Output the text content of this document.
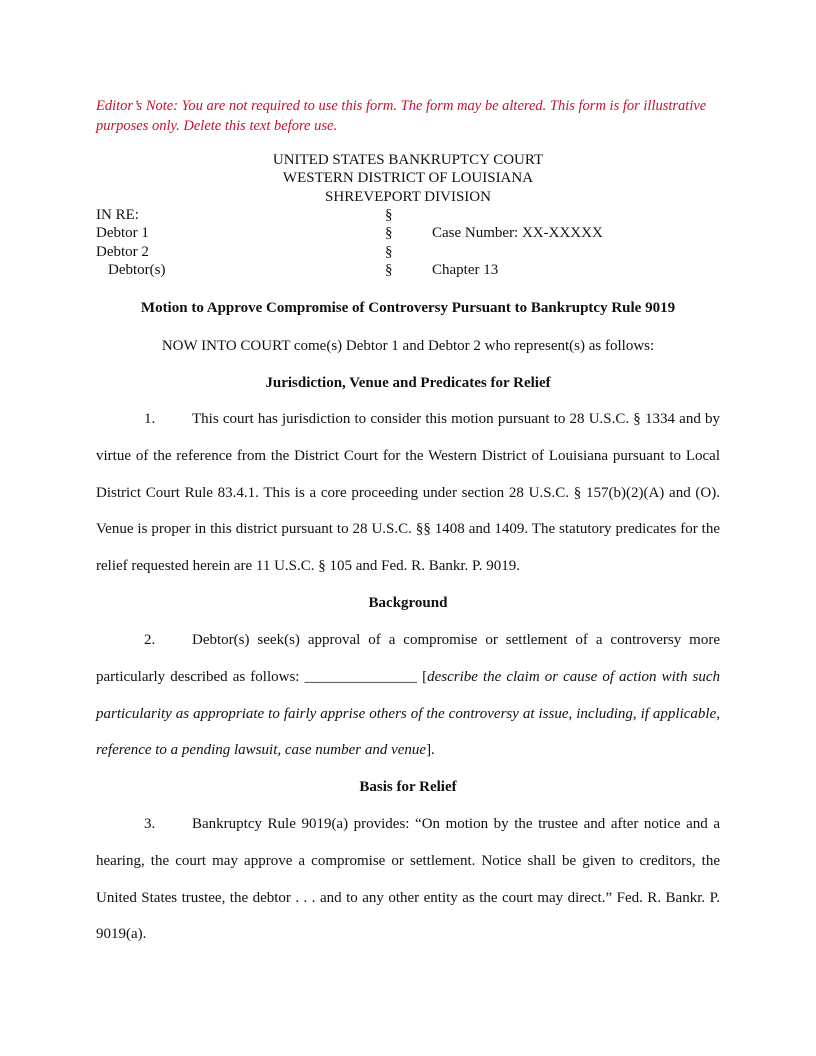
Editor’s Note: You are not required to use this form. The form may be altered. This form is for illustrative purposes only. Delete this text before use.
UNITED STATES BANKRUPTCY COURT
WESTERN DISTRICT OF LOUISIANA
SHREVEPORT DIVISION
IN RE:	§
Debtor 1	§	Case Number: XX-XXXXX
Debtor 2	§
Debtor(s)	§	Chapter 13
Motion to Approve Compromise of Controversy Pursuant to Bankruptcy Rule 9019
NOW INTO COURT come(s) Debtor 1 and Debtor 2 who represent(s) as follows:
Jurisdiction, Venue and Predicates for Relief
1. This court has jurisdiction to consider this motion pursuant to 28 U.S.C. § 1334 and by virtue of the reference from the District Court for the Western District of Louisiana pursuant to Local District Court Rule 83.4.1. This is a core proceeding under section 28 U.S.C. § 157(b)(2)(A) and (O). Venue is proper in this district pursuant to 28 U.S.C. §§ 1408 and 1409. The statutory predicates for the relief requested herein are 11 U.S.C. § 105 and Fed. R. Bankr. P. 9019.
Background
2. Debtor(s) seek(s) approval of a compromise or settlement of a controversy more particularly described as follows: _______________ [describe the claim or cause of action with such particularity as appropriate to fairly apprise others of the controversy at issue, including, if applicable, reference to a pending lawsuit, case number and venue].
Basis for Relief
3. Bankruptcy Rule 9019(a) provides: “On motion by the trustee and after notice and a hearing, the court may approve a compromise or settlement. Notice shall be given to creditors, the United States trustee, the debtor . . . and to any other entity as the court may direct.” Fed. R. Bankr. P. 9019(a).
